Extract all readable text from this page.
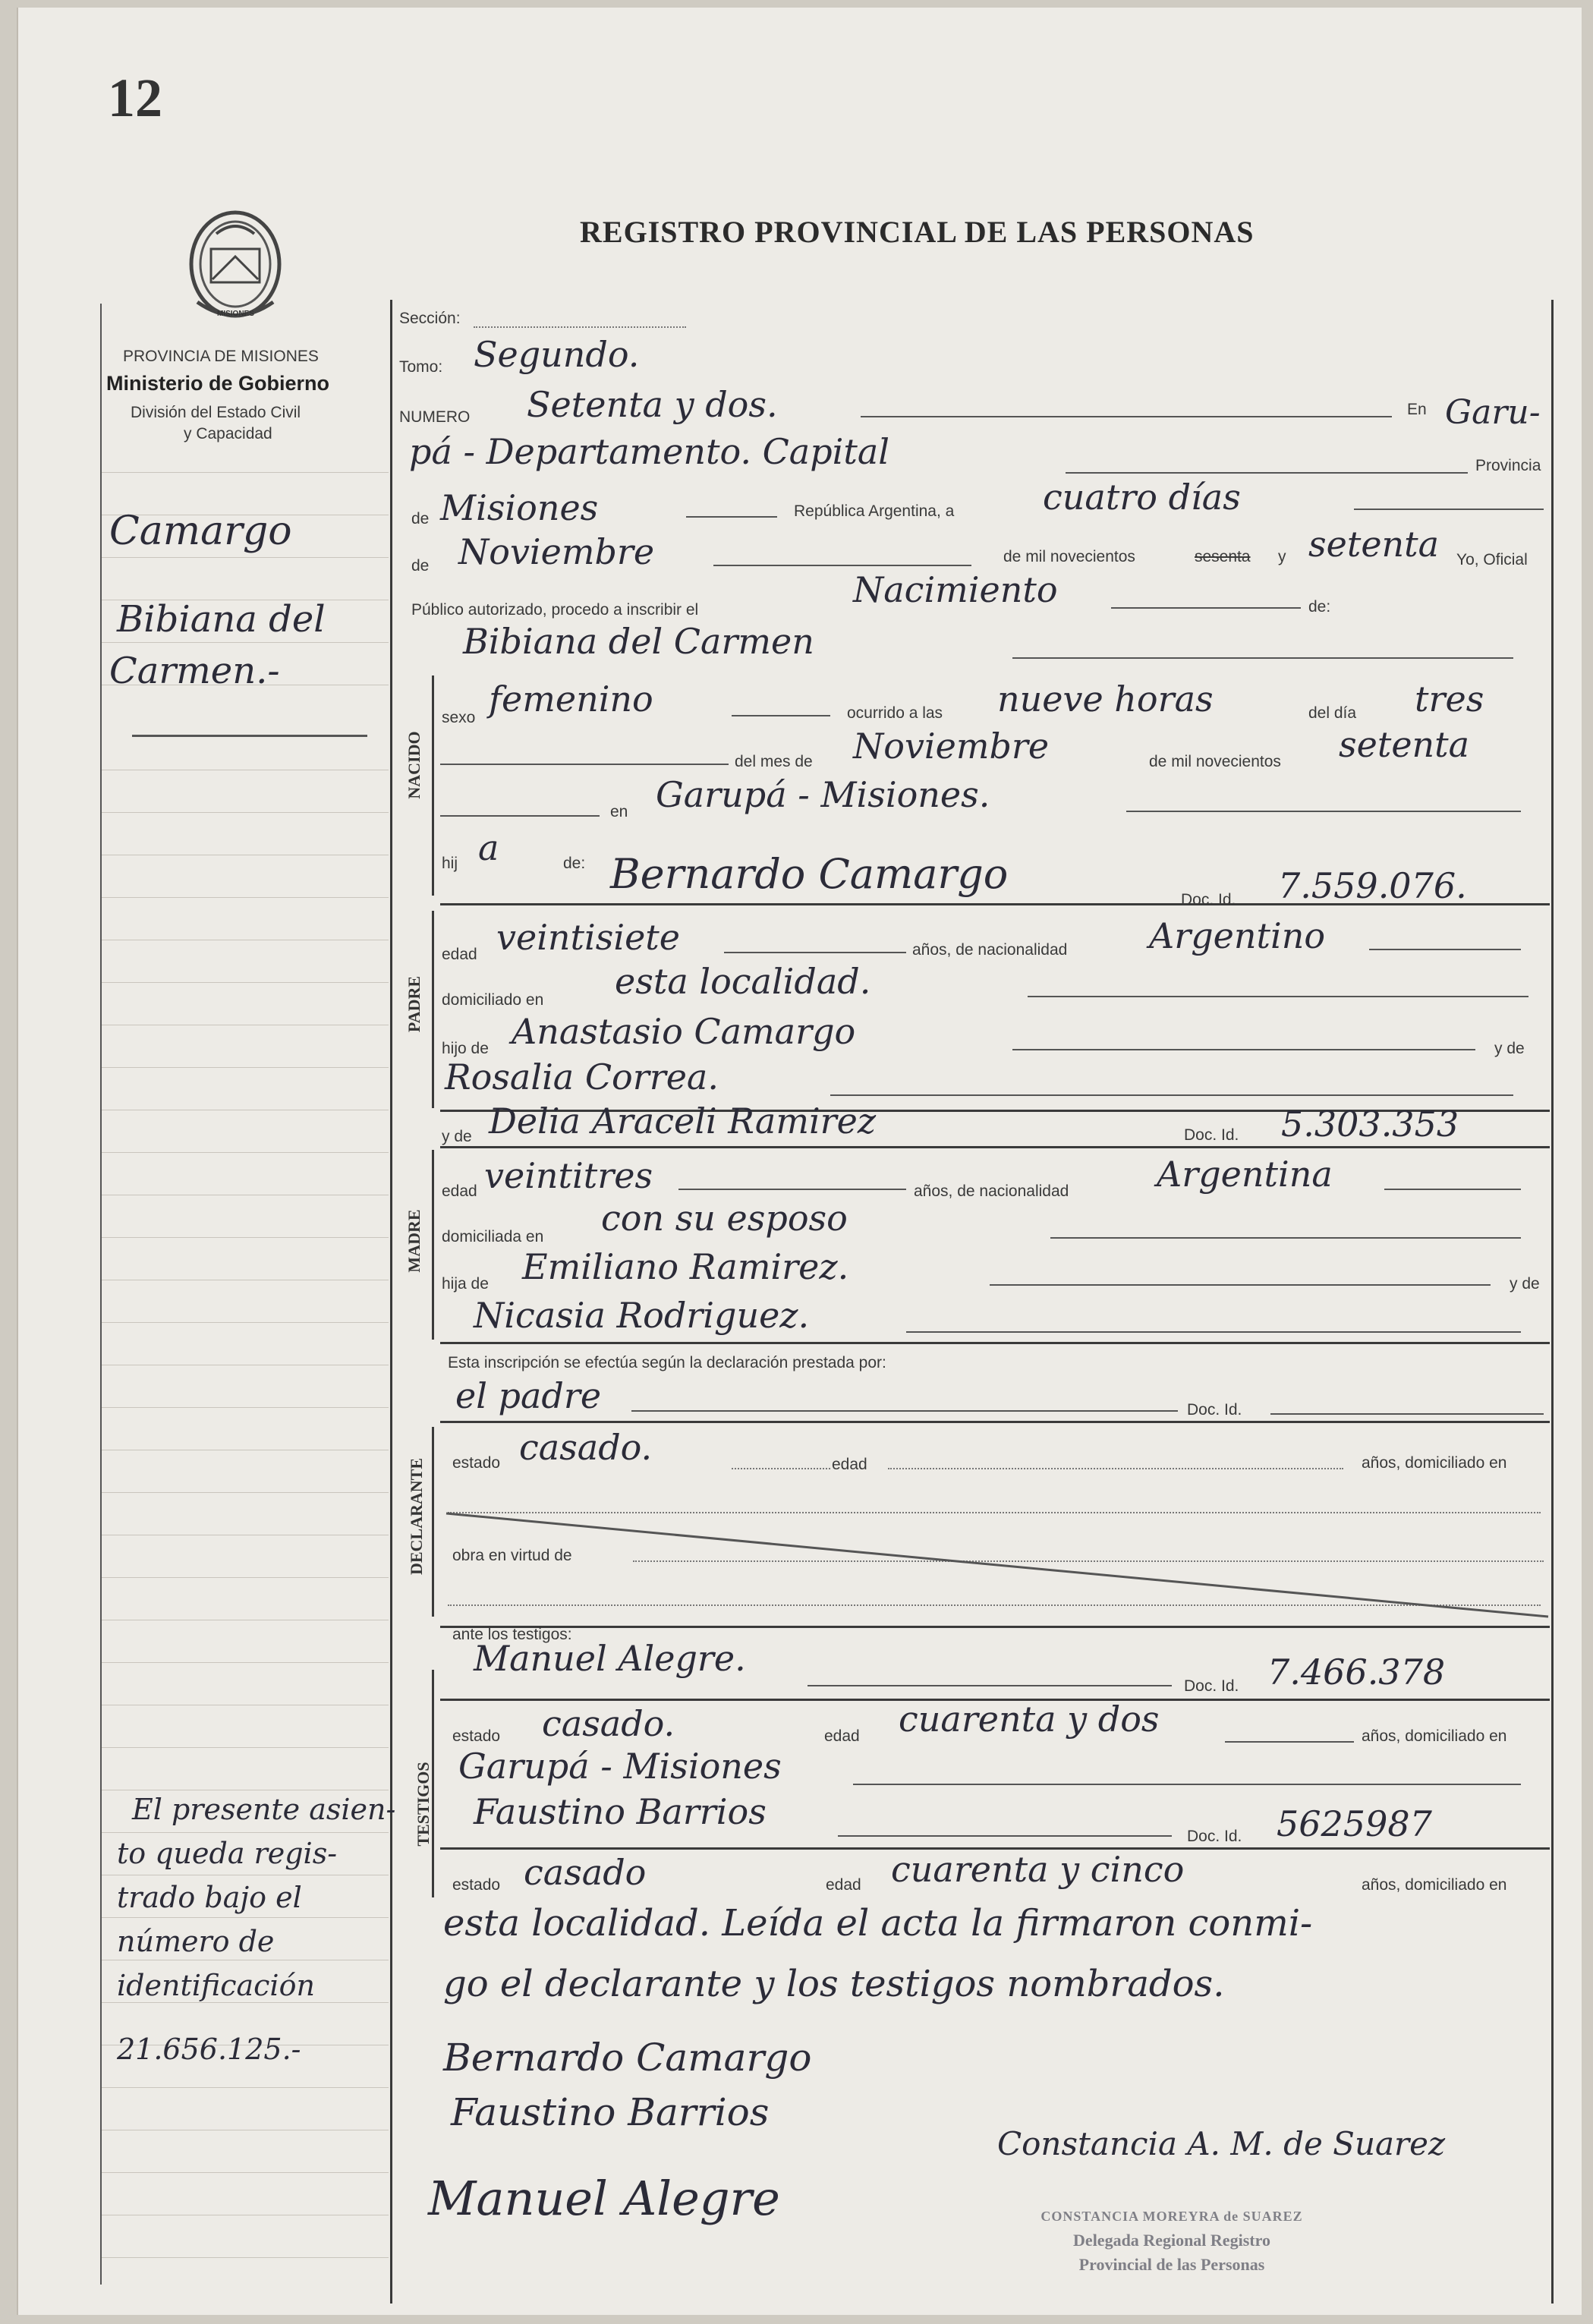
12
MISIONES
PROVINCIA DE MISIONES
Ministerio de Gobierno
División del Estado Civil
y Capacidad
REGISTRO PROVINCIAL DE LAS PERSONAS
Camargo
Bibiana del
Carmen.-
El presente asien-
to queda regis-
trado bajo el
número de
identificación
21.656.125.-
Sección:
Tomo: Segundo.
NUMERO Setenta y dos.	En Garu-
pá - Departamento. Capital	Provincia
de Misiones	República Argentina, a	cuatro días
de Noviembre	de mil novecientos	sesenta y setenta Yo, Oficial
Público autorizado, procedo a inscribir el	Nacimiento	de:
NACIDO
Bibiana del Carmen
sexo femenino	ocurrido a las nueve horas	del día tres
del mes de Noviembre	de mil novecientos setenta
en Garupá - Misiones.
hij a	de: Bernardo Camargo
Doc. Id. 7.559.076.
PADRE
edad veintisiete	años, de nacionalidad Argentino
domiciliado en esta localidad.
hijo de Anastasio Camargo	y de
Rosalia Correa.
y de Delia Araceli Ramirez	Doc. Id. 5.303.353
MADRE
edad veintitres	años, de nacionalidad	Argentina
domiciliada en con su esposo
hija de Emiliano Ramirez.	y de
Nicasia Rodriguez.
Esta inscripción se efectúa según la declaración prestada por:
el padre	Doc. Id.
DECLARANTE estado casado.	edad	años, domiciliado en
obra en virtud de
ante los testigos:
Manuel Alegre.
Doc. Id. 7.466.378
TESTIGOS
estado casado.	edad cuarenta y dos	años, domiciliado en
Garupá - Misiones
Faustino Barrios
Doc. Id. 5625987
estado casado	edad cuarenta y cinco	años, domiciliado en
esta localidad. Leída el acta la firmaron conmi-
go el declarante y los testigos nombrados.
Bernardo Camargo
Faustino Barrios
Manuel Alegre
Constancia A. M. de Suarez
CONSTANCIA MOREYRA de SUAREZ
Delegada Regional Registro
Provincial de las Personas
